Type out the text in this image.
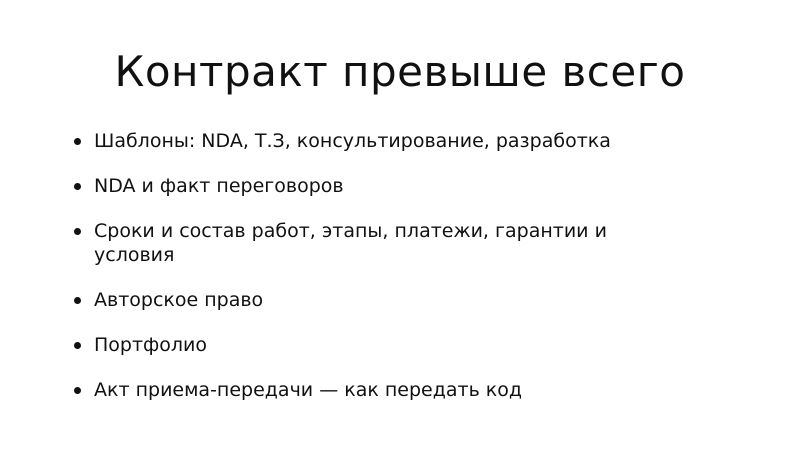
Контракт превыше всего
Шаблоны: NDA, Т.З, консультирование, разработка
NDA и факт переговоров
Сроки и состав работ, этапы, платежи, гарантии и условия
Авторское право
Портфолио
Акт приема-передачи — как передать код
